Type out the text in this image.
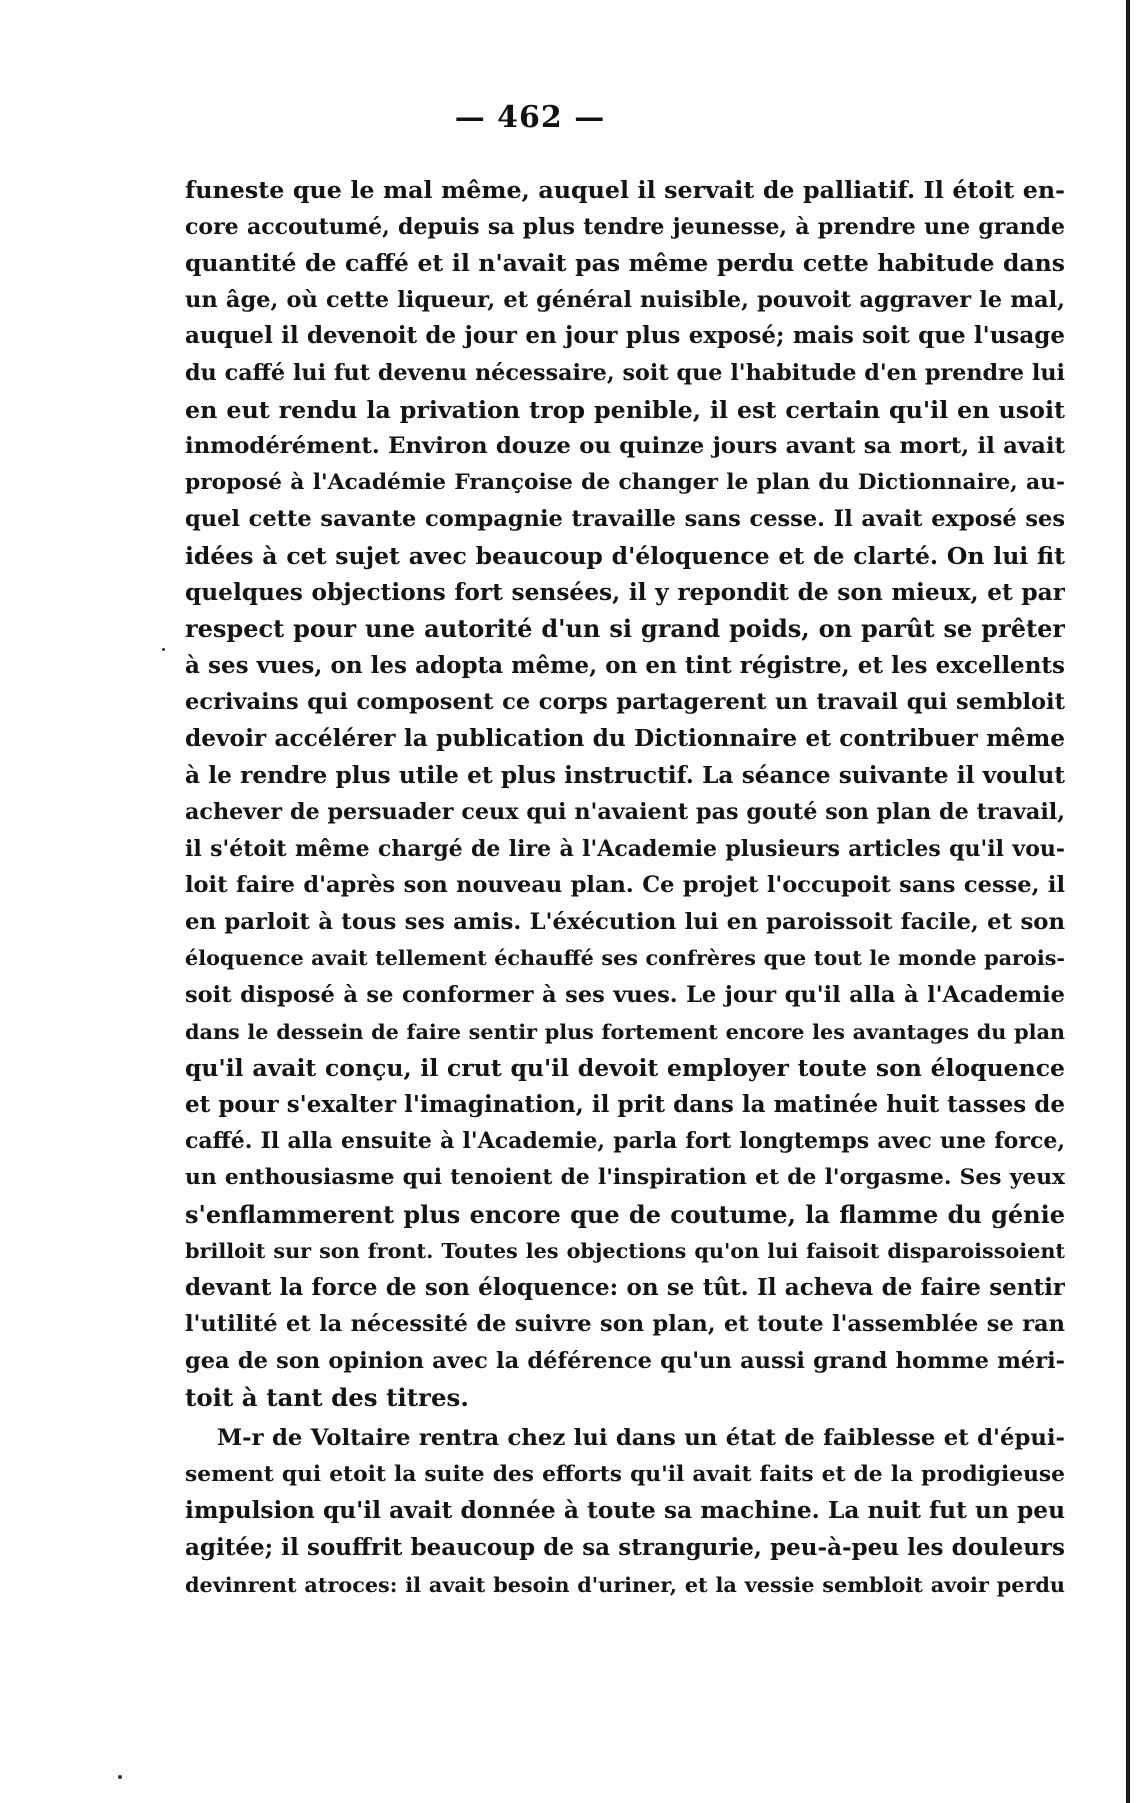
— 462 —
funeste que le mal même, auquel il servait de palliatif. Il étoit en-
core accoutumé, depuis sa plus tendre jeunesse, à prendre une grande
quantité de caffé et il n'avait pas même perdu cette habitude dans
un âge, où cette liqueur, et général nuisible, pouvoit aggraver le mal,
auquel il devenoit de jour en jour plus exposé; mais soit que l'usage
du caffé lui fut devenu nécessaire, soit que l'habitude d'en prendre lui
en eut rendu la privation trop penible, il est certain qu'il en usoit
inmodérément. Environ douze ou quinze jours avant sa mort, il avait
proposé à l'Académie Françoise de changer le plan du Dictionnaire, au-
quel cette savante compagnie travaille sans cesse. Il avait exposé ses
idées à cet sujet avec beaucoup d'éloquence et de clarté. On lui fit
quelques objections fort sensées, il y repondit de son mieux, et par
respect pour une autorité d'un si grand poids, on parût se prêter
à ses vues, on les adopta même, on en tint régistre, et les excellents
ecrivains qui composent ce corps partagerent un travail qui sembloit
devoir accélérer la publication du Dictionnaire et contribuer même
à le rendre plus utile et plus instructif. La séance suivante il voulut
achever de persuader ceux qui n'avaient pas gouté son plan de travail,
il s'étoit même chargé de lire à l'Academie plusieurs articles qu'il vou-
loit faire d'après son nouveau plan. Ce projet l'occupoit sans cesse, il
en parloit à tous ses amis. L'éxécution lui en paroissoit facile, et son
éloquence avait tellement échauffé ses confrères que tout le monde parois-
soit disposé à se conformer à ses vues. Le jour qu'il alla à l'Academie
dans le dessein de faire sentir plus fortement encore les avantages du plan
qu'il avait conçu, il crut qu'il devoit employer toute son éloquence
et pour s'exalter l'imagination, il prit dans la matinée huit tasses de
caffé. Il alla ensuite à l'Academie, parla fort longtemps avec une force,
un enthousiasme qui tenoient de l'inspiration et de l'orgasme. Ses yeux
s'enflammerent plus encore que de coutume, la flamme du génie
brilloit sur son front. Toutes les objections qu'on lui faisoit disparoissoient
devant la force de son éloquence: on se tût. Il acheva de faire sentir
l'utilité et la nécessité de suivre son plan, et toute l'assemblée se ran
gea de son opinion avec la déférence qu'un aussi grand homme méri-
toit à tant des titres.
M-r de Voltaire rentra chez lui dans un état de faiblesse et d'épui-
sement qui etoit la suite des efforts qu'il avait faits et de la prodigieuse
impulsion qu'il avait donnée à toute sa machine. La nuit fut un peu
agitée; il souffrit beaucoup de sa strangurie, peu-à-peu les douleurs
devinrent atroces: il avait besoin d'uriner, et la vessie sembloit avoir perdu
